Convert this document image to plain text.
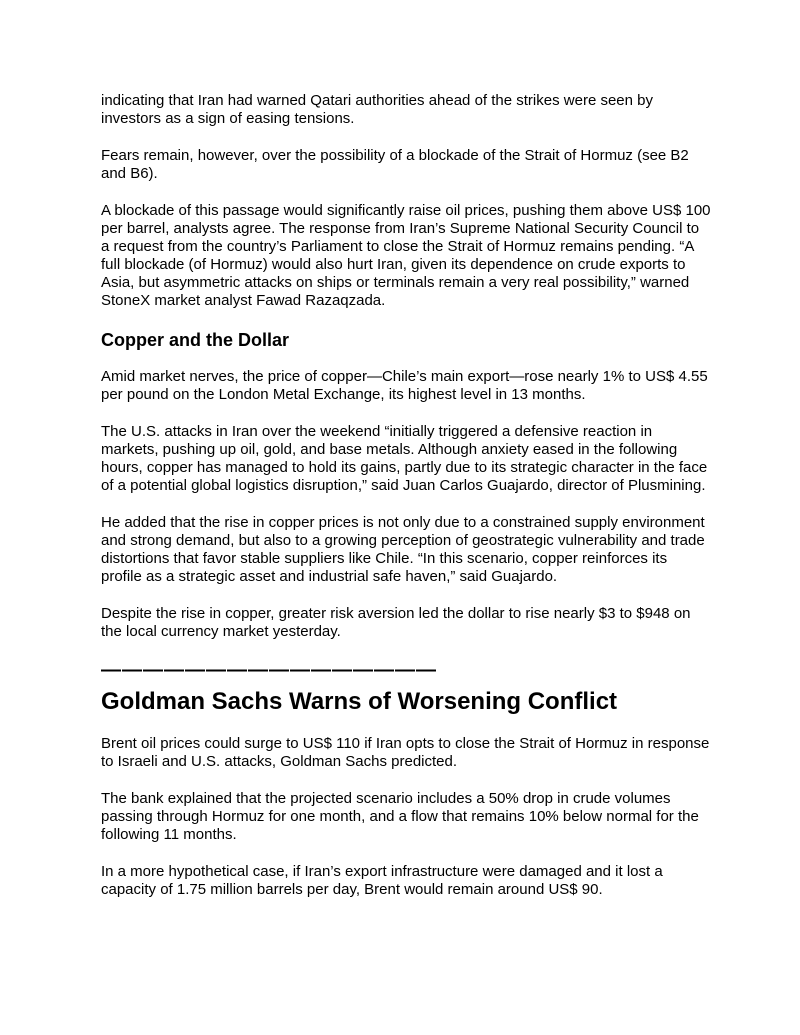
indicating that Iran had warned Qatari authorities ahead of the strikes were seen by investors as a sign of easing tensions.

Fears remain, however, over the possibility of a blockade of the Strait of Hormuz (see B2 and B6).

A blockade of this passage would significantly raise oil prices, pushing them above US$ 100 per barrel, analysts agree. The response from Iran’s Supreme National Security Council to a request from the country’s Parliament to close the Strait of Hormuz remains pending. “A full blockade (of Hormuz) would also hurt Iran, given its dependence on crude exports to Asia, but asymmetric attacks on ships or terminals remain a very real possibility,” warned StoneX market analyst Fawad Razaqzada.

Copper and the Dollar

Amid market nerves, the price of copper—Chile’s main export—rose nearly 1% to US$ 4.55 per pound on the London Metal Exchange, its highest level in 13 months.

The U.S. attacks in Iran over the weekend “initially triggered a defensive reaction in markets, pushing up oil, gold, and base metals. Although anxiety eased in the following hours, copper has managed to hold its gains, partly due to its strategic character in the face of a potential global logistics disruption,” said Juan Carlos Guajardo, director of Plusmining.

He added that the rise in copper prices is not only due to a constrained supply environment and strong demand, but also to a growing perception of geostrategic vulnerability and trade distortions that favor stable suppliers like Chile. “In this scenario, copper reinforces its profile as a strategic asset and industrial safe haven,” said Guajardo.

Despite the rise in copper, greater risk aversion led the dollar to rise nearly $3 to $948 on the local currency market yesterday.

————————————————
Goldman Sachs Warns of Worsening Conflict

Brent oil prices could surge to US$ 110 if Iran opts to close the Strait of Hormuz in response to Israeli and U.S. attacks, Goldman Sachs predicted.

The bank explained that the projected scenario includes a 50% drop in crude volumes passing through Hormuz for one month, and a flow that remains 10% below normal for the following 11 months.

In a more hypothetical case, if Iran’s export infrastructure were damaged and it lost a capacity of 1.75 million barrels per day, Brent would remain around US$ 90.
